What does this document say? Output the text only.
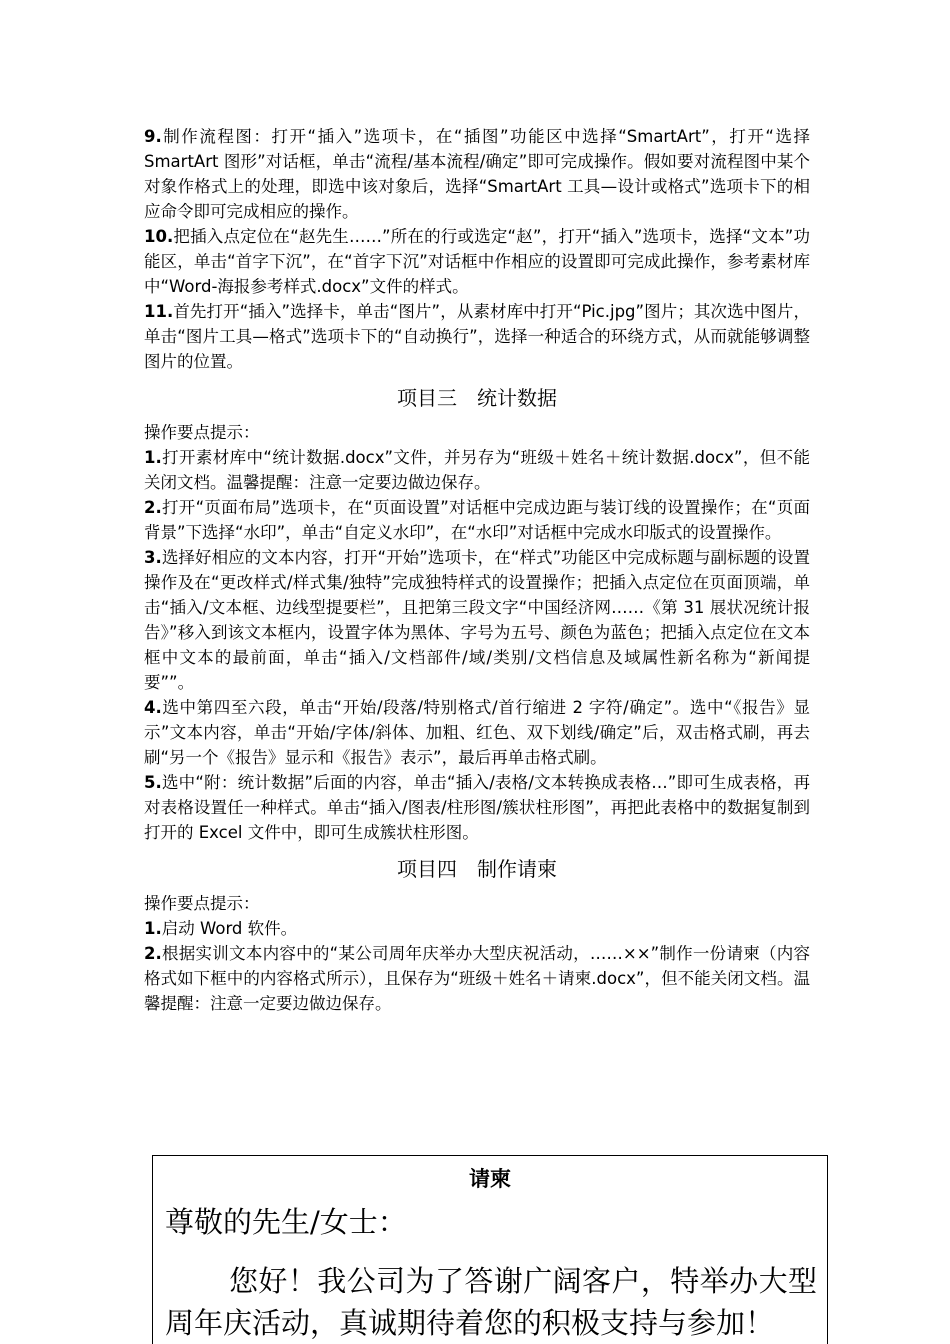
9.制作流程图：打开“插入”选项卡，在“插图”功能区中选择“SmartArt”，打开“选择 SmartArt 图形”对话框，单击“流程/基本流程/确定”即可完成操作。假如要对流程图中某个对象作格式上的处理，即选中该对象后，选择“SmartArt 工具—设计或格式”选项卡下的相应命令即可完成相应的操作。

10.把插入点定位在“赵先生……”所在的行或选定“赵”，打开“插入”选项卡，选择“文本”功能区，单击“首字下沉”，在“首字下沉”对话框中作相应的设置即可完成此操作，参考素材库中“Word-海报参考样式.docx”文件的样式。

11.首先打开“插入”选择卡，单击“图片”，从素材库中打开“Pic.jpg”图片；其次选中图片，单击“图片工具—格式”选项卡下的“自动换行”，选择一种适合的环绕方式，从而就能够调整图片的位置。

项目三　统计数据

操作要点提示：

1.打开素材库中“统计数据.docx”文件，并另存为“班级＋姓名＋统计数据.docx”，但不能关闭文档。温馨提醒：注意一定要边做边保存。

2.打开“页面布局”选项卡，在“页面设置”对话框中完成边距与装订线的设置操作；在“页面背景”下选择“水印”，单击“自定义水印”，在“水印”对话框中完成水印版式的设置操作。

3.选择好相应的文本内容，打开“开始”选项卡，在“样式”功能区中完成标题与副标题的设置操作及在“更改样式/样式集/独特”完成独特样式的设置操作；把插入点定位在页面顶端，单击“插入/文本框、边线型提要栏”，且把第三段文字“中国经济网……《第 31 展状况统计报告》”移入到该文本框内，设置字体为黑体、字号为五号、颜色为蓝色；把插入点定位在文本框中文本的最前面，单击“插入/文档部件/域/类别/文档信息及域属性新名称为“新闻提要””。

4.选中第四至六段，单击“开始/段落/特别格式/首行缩进 2 字符/确定”。选中“《报告》显示”文本内容，单击“开始/字体/斜体、加粗、红色、双下划线/确定”后，双击格式刷，再去刷“另一个《报告》显示和《报告》表示”，最后再单击格式刷。

5.选中“附：统计数据”后面的内容，单击“插入/表格/文本转换成表格…”即可生成表格，再对表格设置任一种样式。单击“插入/图表/柱形图/簇状柱形图”，再把此表格中的数据复制到打开的 Excel 文件中，即可生成簇状柱形图。

项目四　制作请柬

操作要点提示：

1.启动 Word 软件。

2.根据实训文本内容中的“某公司周年庆举办大型庆祝活动，……××”制作一份请柬（内容格式如下框中的内容格式所示），且保存为“班级＋姓名＋请柬.docx”，但不能关闭文档。温馨提醒：注意一定要边做边保存。

请柬
尊敬的先生/女士：
您好！我公司为了答谢广阔客户，特举办大型周年庆活动，真诚期待着您的积极支持与参加！
